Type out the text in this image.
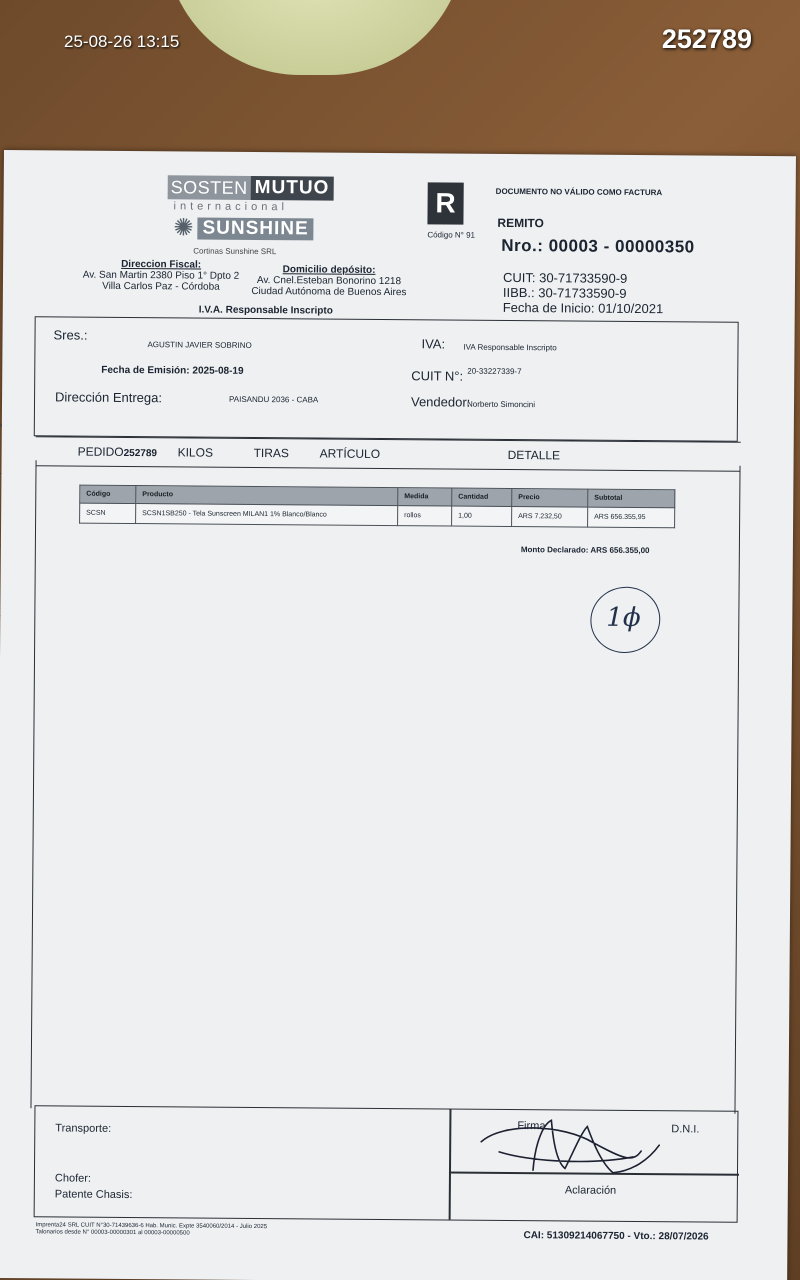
25-08-26 13:15	252789
SOSTEN MUTUO
internacional
✺ SUNSHINE
Cortinas Sunshine SRL
Direccion Fiscal:
Av. San Martin 2380 Piso 1° Dpto 2
Villa Carlos Paz - Córdoba
Domicilio depósito:
Av. Cnel.Esteban Bonorino 1218
Ciudad Autónoma de Buenos Aires
I.V.A. Responsable Inscripto
R
Código N° 91
DOCUMENTO NO VÁLIDO COMO FACTURA
REMITO
Nro.: 00003 - 00000350
CUIT: 30-71733590-9
IIBB.: 30-71733590-9
Fecha de Inicio: 01/10/2021
Sres.:
AGUSTIN JAVIER SOBRINO	IVA: IVA Responsable Inscripto
Fecha de Emisión: 2025-08-19	CUIT N°: 20-33227339-7
Dirección Entrega:	PAISANDU 2036 - CABA	Vendedor:
Norberto Simoncini
PEDIDO 252789 KILOS	TIRAS	ARTÍCULO	DETALLE
Código	Producto	Medida	Cantidad	Precio	Subtotal
SCSN	SCSN1SB250 - Tela Sunscreen MILAN1 1% Blanco/Blanco	rollos	1,00	ARS 7.232,50	ARS 656.355,95
Monto Declarado: ARS 656.355,00
1ϕ
Transporte:
Chofer:
Patente Chasis:
Firma	D.N.I.
Aclaración
Imprenta24 SRL CUIT N°30-71439636-6 Hab. Munic. Expte 3540060/2014 - Julio 2025
Talonarios desde N° 00003-00000301 al 00003-00000500	CAI: 51309214067750 - Vto.: 28/07/2026
